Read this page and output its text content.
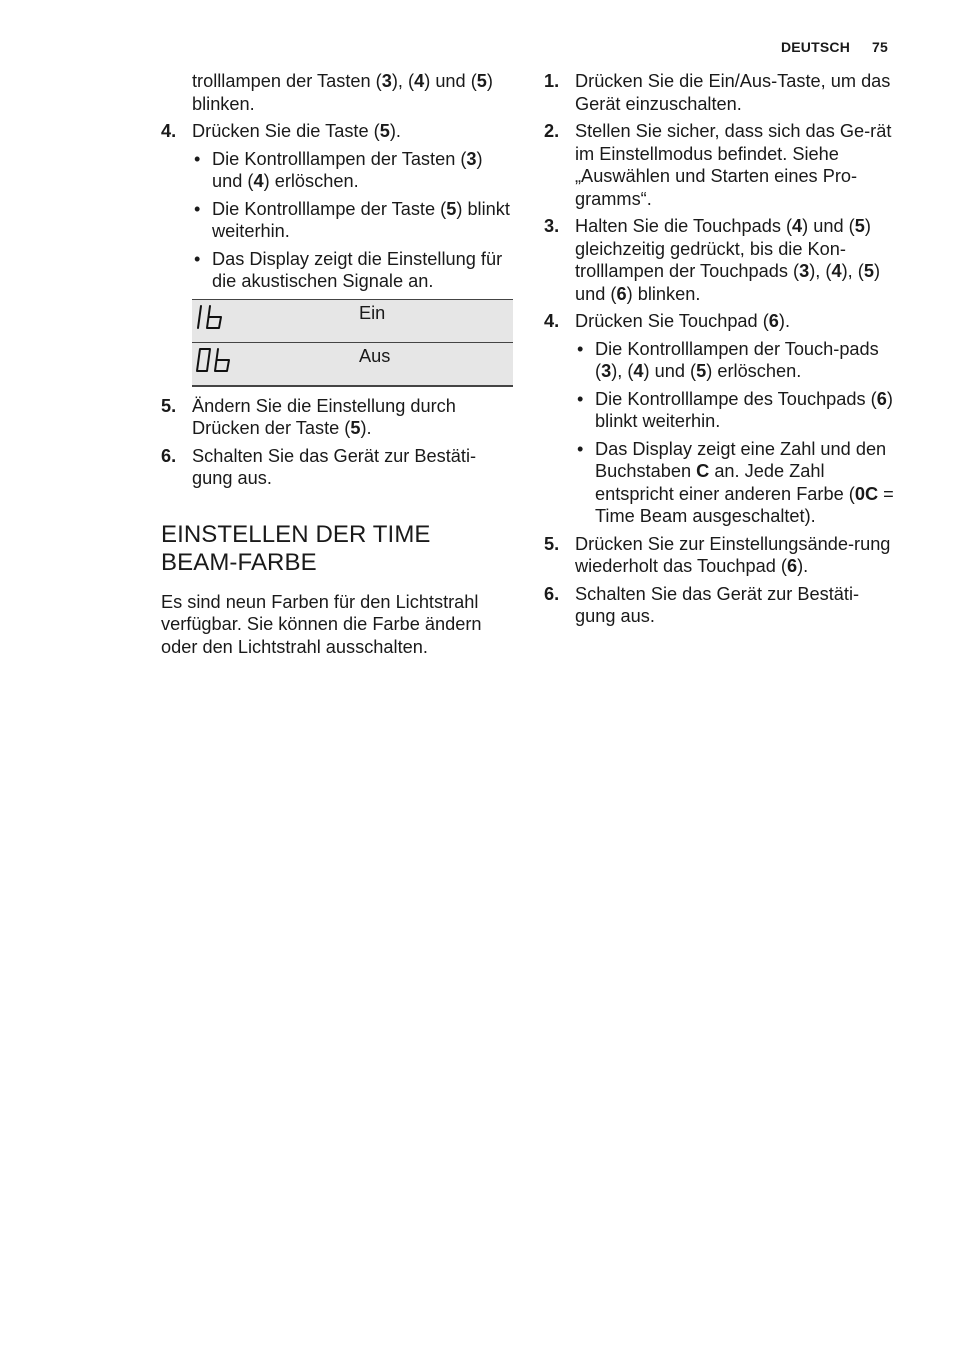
DEUTSCH 75
trolllampen der Tasten (3), (4) und (5) blinken.
4. Drücken Sie die Taste (5).
• Die Kontrolllampen der Tasten (3) und (4) erlöschen.
• Die Kontrolllampe der Taste (5) blinkt weiterhin.
• Das Display zeigt die Einstellung für die akustischen Signale an.
	Ein
	Aus
5. Ändern Sie die Einstellung durch Drücken der Taste (5).
6. Schalten Sie das Gerät zur Bestäti-gung aus.
EINSTELLEN DER TIME BEAM-FARBE

Es sind neun Farben für den Lichtstrahl verfügbar. Sie können die Farbe ändern oder den Lichtstrahl ausschalten.

1. Drücken Sie die Ein/Aus-Taste, um das Gerät einzuschalten.
2. Stellen Sie sicher, dass sich das Ge-rät im Einstellmodus befindet. Siehe „Auswählen und Starten eines Pro-gramms“.
3. Halten Sie die Touchpads (4) und (5) gleichzeitig gedrückt, bis die Kon-trolllampen der Touchpads (3), (4), (5) und (6) blinken.
4. Drücken Sie Touchpad (6).
• Die Kontrolllampen der Touch-pads (3), (4) und (5) erlöschen.
• Die Kontrolllampe des Touchpads (6) blinkt weiterhin.
• Das Display zeigt eine Zahl und den Buchstaben C an. Jede Zahl entspricht einer anderen Farbe (0C = Time Beam ausgeschaltet).
5. Drücken Sie zur Einstellungsände-rung wiederholt das Touchpad (6).
6. Schalten Sie das Gerät zur Bestäti-gung aus.
